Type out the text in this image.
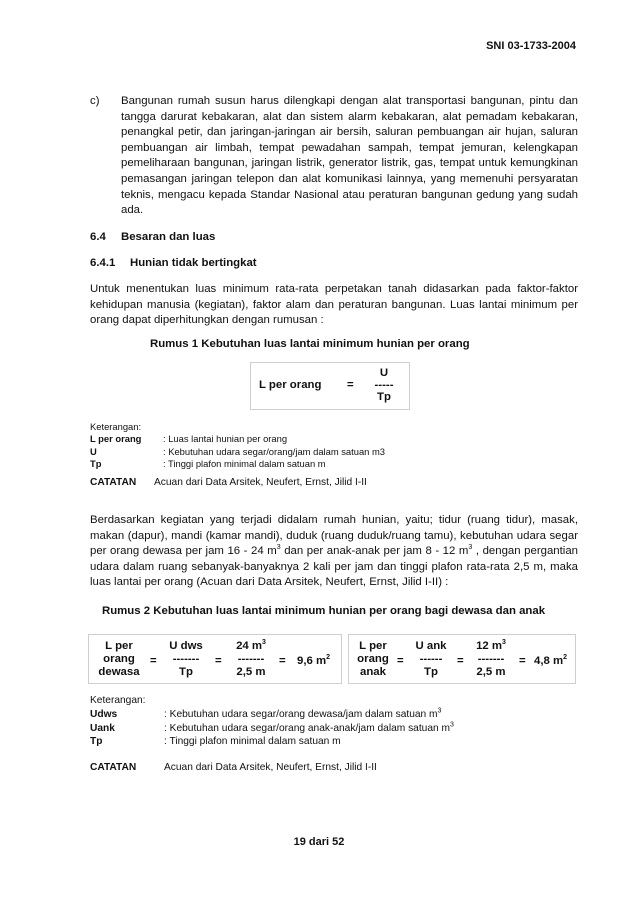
SNI 03-1733-2004
c) Bangunan rumah susun harus dilengkapi dengan alat transportasi bangunan, pintu dan tangga darurat kebakaran, alat dan sistem alarm kebakaran, alat pemadam kebakaran, penangkal petir, dan jaringan-jaringan air bersih, saluran pembuangan air hujan, saluran pembuangan air limbah, tempat pewadahan sampah, tempat jemuran, kelengkapan pemeliharaan bangunan, jaringan listrik, generator listrik, gas, tempat untuk kemungkinan pemasangan jaringan telepon dan alat komunikasi lainnya, yang memenuhi persyaratan teknis, mengacu kepada Standar Nasional atau peraturan bangunan gedung yang sudah ada.
6.4 Besaran dan luas
6.4.1 Hunian tidak bertingkat
Untuk menentukan luas minimum rata-rata perpetakan tanah didasarkan pada faktor-faktor kehidupan manusia (kegiatan), faktor alam dan peraturan bangunan. Luas lantai minimum per orang dapat diperhitungkan dengan rumusan :
Rumus 1 Kebutuhan luas lantai minimum hunian per orang
L per orang =
U
-----
Tp
Keterangan:
L per orang	: Luas lantai hunian per orang
U	: Kebutuhan udara segar/orang/jam dalam satuan m3
Tp	: Tinggi plafon minimal dalam satuan m
CATATAN Acuan dari Data Arsitek, Neufert, Ernst, Jilid I-II
Berdasarkan kegiatan yang terjadi didalam rumah hunian, yaitu; tidur (ruang tidur), masak, makan (dapur), mandi (kamar mandi), duduk (ruang duduk/ruang tamu), kebutuhan udara segar per orang dewasa per jam 16 - 24 $m^3$ dan per anak-anak per jam 8 - 12 $m^3$ , dengan pergantian udara dalam ruang sebanyak-banyaknya 2 kali per jam dan tinggi plafon rata-rata 2,5 m, maka luas lantai per orang (Acuan dari Data Arsitek, Neufert, Ernst, Jilid I-II) :
Rumus 2 Kebutuhan luas lantai minimum hunian per orang bagi dewasa dan anak
L per
orang
dewasa
=
U dws
-------
Tp
=
24 $m^3$
-------
2,5 m
= 9,6 $m^2$
L per
orang
anak
=
U ank
------
Tp
=
12 $m^3$
-------
2,5 m
= 4,8 $m^2$
Keterangan:
Udws	: Kebutuhan udara segar/orang dewasa/jam dalam satuan $m^3$
Uank	: Kebutuhan udara segar/orang anak-anak/jam dalam satuan $m^3$
Tp	: Tinggi plafon minimal dalam satuan m
CATATAN	Acuan dari Data Arsitek, Neufert, Ernst, Jilid I-II
19 dari 52
